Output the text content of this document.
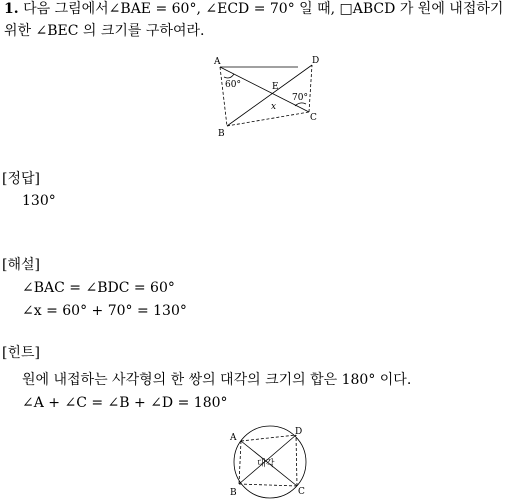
1. 다음 그림에서∠BAE = 60°, ∠ECD = 70° 일 때, □ABCD 가 원에 내접하기
위한 ∠BEC 의 크기를 구하여라.
A	D
B
C
E
60°
70°
x
[정답]
130°
[해설]
∠BAC = ∠BDC = 60°
∠x = 60° + 70° = 130°
[힌트]
원에 내접하는 사각형의 한 쌍의 대각의 크기의 합은 180° 이다.
∠A + ∠C = ∠B + ∠D = 180°
A
D
B	C
대각
